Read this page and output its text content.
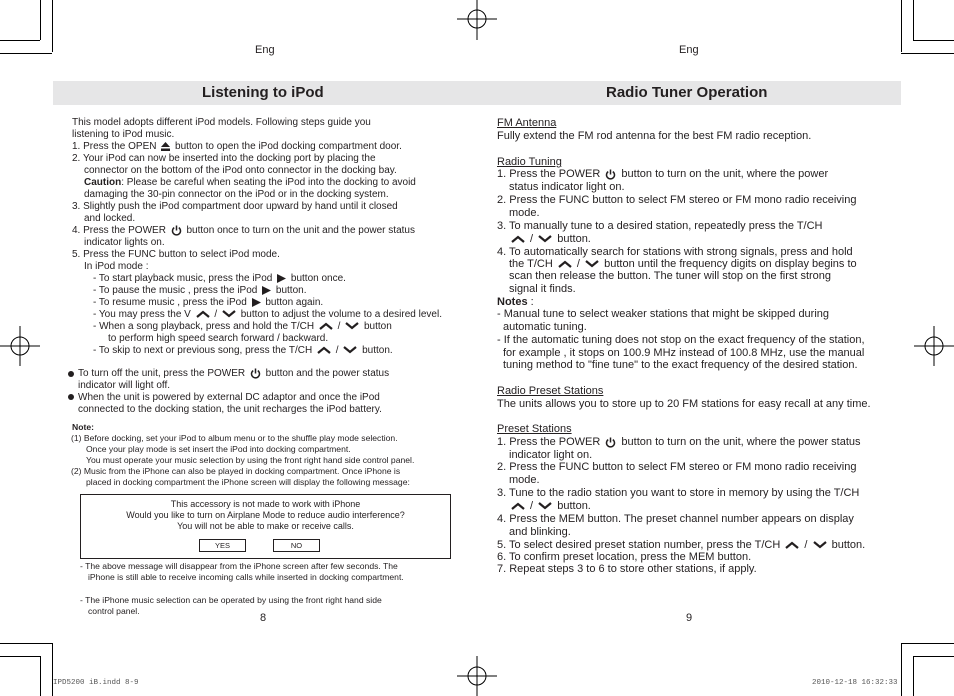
Eng	Eng
Listening to iPod	Radio Tuner Operation
This model adopts different iPod models. Following steps guide you
listening to iPod music.
1. Press the OPEN
button to open the iPod docking compartment door.
2. Your iPod can now be inserted into the docking port by placing the
connector on the bottom of the iPod onto connector in the docking bay.
Caution: Please be careful when seating the iPod into the docking to avoid
damaging the 30-pin connector on the iPod or in the docking system.
3. Slightly push the iPod compartment door upward by hand until it closed
and locked.
4. Press the POWER
button once to turn on the unit and the power status
indicator lights on.
5. Press the FUNC button to select iPod mode.
In iPod mode :
- To start playback music, press the iPod
button once.
- To pause the music , press the iPod
button.
- To resume music , press the iPod
button again.
- You may press the V
/
button to adjust the volume to a desired level.
- When a song playback, press and hold the T/CH
/
button
to perform high speed search forward / backward.
- To skip to next or previous song, press the T/CH
/
button.
To turn off the unit, press the POWER
button and the power status
indicator will light off.
When the unit is powered by external DC adaptor and once the iPod
connected to the docking station, the unit recharges the iPod battery.
Note:
(1) Before docking, set your iPod to album menu or to the shuffle play mode selection.
Once your play mode is set insert the iPod into docking compartment.
You must operate your music selection by using the front right hand side control panel.
(2) Music from the iPhone can also be played in docking compartment. Once iPhone is
placed in docking compartment the iPhone screen will display the following message:
This accessory is not made to work with iPhone
Would you like to turn on Airplane Mode to reduce audio interference?
You will not be able to make or receive calls.
YES	NO
- The above message will disappear from the iPhone screen after few seconds. The
iPhone is still able to receive incoming calls while inserted in docking compartment.
- The iPhone music selection can be operated by using the front right hand side
control panel.
8
FM Antenna
Fully extend the FM rod antenna for the best FM radio reception.
Radio Tuning
1. Press the POWER
button to turn on the unit, where the power
status indicator light on.
2. Press the FUNC button to select FM stereo or FM mono radio receiving
mode.
3. To manually tune to a desired station, repeatedly press the T/CH
/
button.
4. To automatically search for stations with strong signals, press and hold
the T/CH
/
button until the frequency digits on display begins to
scan then release the button. The tuner will stop on the first strong
signal it finds.
Notes :
- Manual tune to select weaker stations that might be skipped during
automatic tuning.
- If the automatic tuning does not stop on the exact frequency of the station,
for example , it stops on 100.9 MHz instead of 100.8 MHz, use the manual
tuning method to "fine tune" to the exact frequency of the desired station.
Radio Preset Stations
The units allows you to store up to 20 FM stations for easy recall at any time.
Preset Stations
1. Press the POWER
button to turn on the unit, where the power status
indicator light on.
2. Press the FUNC button to select FM stereo or FM mono radio receiving
mode.
3. Tune to the radio station you want to store in memory by using the T/CH
/
button.
4. Press the MEM button. The preset channel number appears on display
and blinking.
5. To select desired preset station number, press the T/CH
/
button.
6. To confirm preset location, press the MEM button.
7. Repeat steps 3 to 6 to store other stations, if apply.
9
IPD5200 iB.indd 8-9	2010-12-18 16:32:33
